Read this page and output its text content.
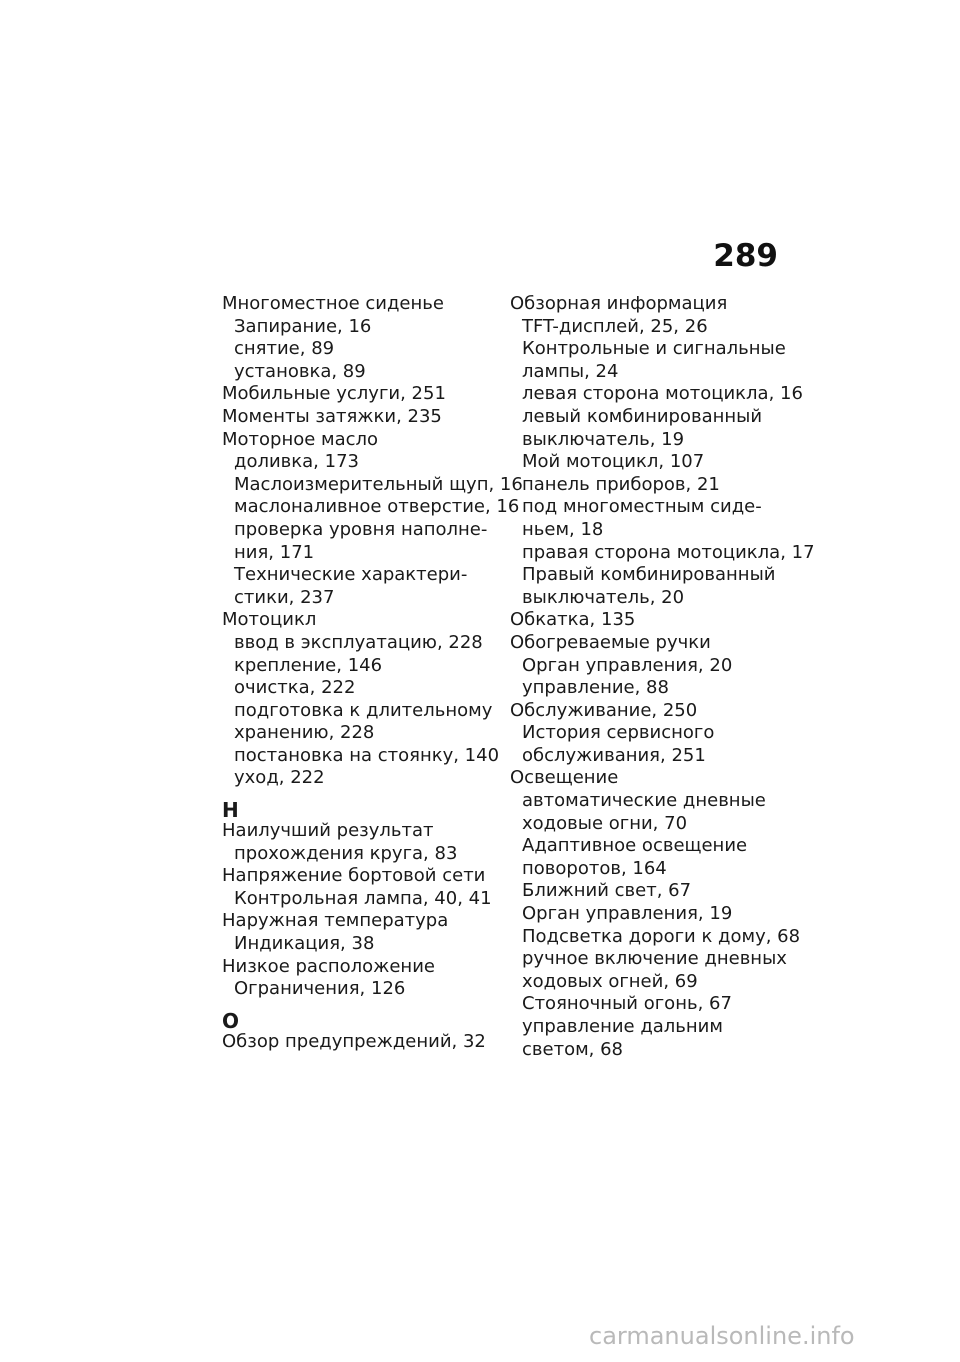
289
Многоместное сиденье
Запирание, 16
снятие, 89
установка, 89
Мобильные услуги, 251
Моменты затяжки, 235
Моторное масло
доливка, 173
Маслоизмерительный щуп, 16
маслоналивное отверстие, 16
проверка уровня наполне-
ния, 171
Технические характери-
стики, 237
Мотоцикл
ввод в эксплуатацию, 228
крепление, 146
очистка, 222
подготовка к длительному
хранению, 228
постановка на стоянку, 140
уход, 222
Н
Наилучший результат
прохождения круга, 83
Напряжение бортовой сети
Контрольная лампа, 40, 41
Наружная температура
Индикация, 38
Низкое расположение
Ограничения, 126
О
Обзор предупреждений, 32
Обзорная информация
TFT-дисплей, 25, 26
Контрольные и сигнальные
лампы, 24
левая сторона мотоцикла, 16
левый комбинированный
выключатель, 19
Мой мотоцикл, 107
панель приборов, 21
под многоместным сиде-
ньем, 18
правая сторона мотоцикла, 17
Правый комбинированный
выключатель, 20
Обкатка, 135
Обогреваемые ручки
Орган управления, 20
управление, 88
Обслуживание, 250
История сервисного
обслуживания, 251
Освещение
автоматические дневные
ходовые огни, 70
Адаптивное освещение
поворотов, 164
Ближний свет, 67
Орган управления, 19
Подсветка дороги к дому, 68
ручное включение дневных
ходовых огней, 69
Стояночный огонь, 67
управление дальним
светом, 68
carmanualsonline.info
